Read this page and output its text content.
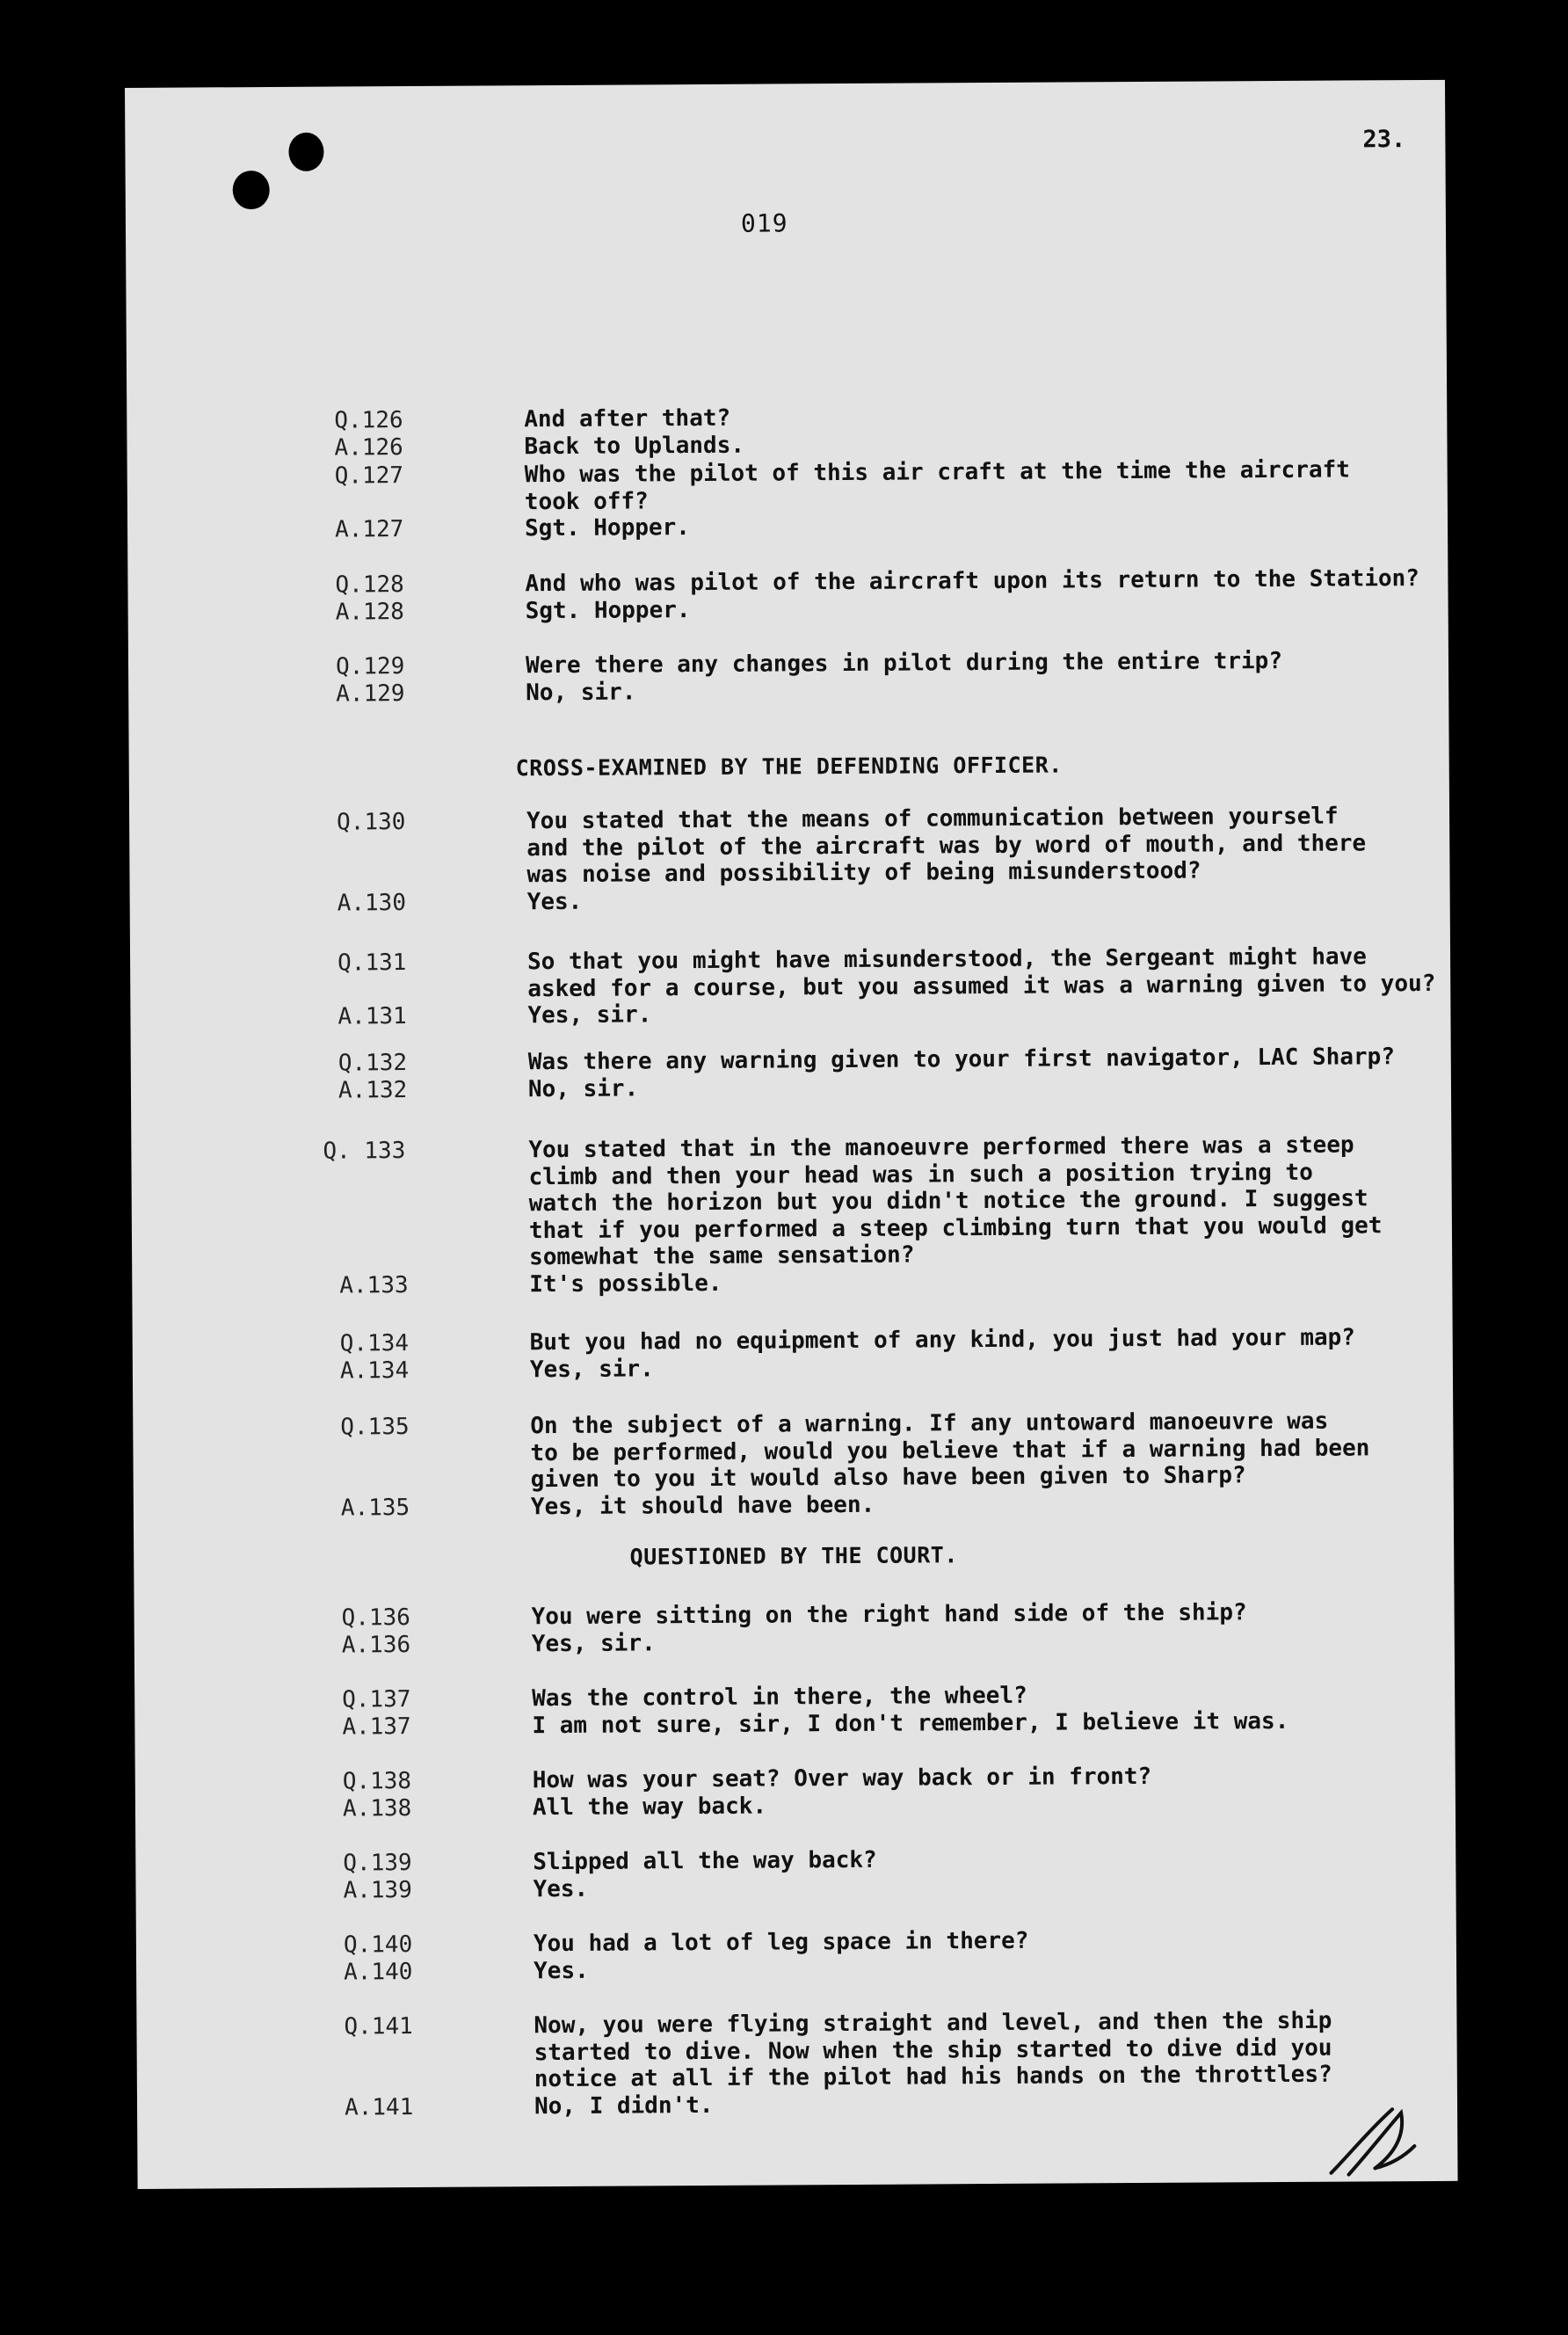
23.
019
Q.126	And after that?
A.126	Back to Uplands.
Q.127	Who was the pilot of this air craft at the time the aircraft
took off?
A.127	Sgt. Hopper.
Q.128	And who was pilot of the aircraft upon its return to the Station?
A.128	Sgt. Hopper.
Q.129	Were there any changes in pilot during the entire trip?
A.129	No, sir.
Q.130	You stated that the means of communication between yourself
and the pilot of the aircraft was by word of mouth, and there
was noise and possibility of being misunderstood?
A.130	Yes.
Q.131	So that you might have misunderstood, the Sergeant might have
asked for a course, but you assumed it was a warning given to you?
A.131	Yes, sir.
Q.132	Was there any warning given to your first navigator, LAC Sharp?
A.132	No, sir.
Q. 133	You stated that in the manoeuvre performed there was a steep
climb and then your head was in such a position trying to
watch the horizon but you didn't notice the ground. I suggest
that if you performed a steep climbing turn that you would get
somewhat the same sensation?
A.133	It's possible.
Q.134	But you had no equipment of any kind, you just had your map?
A.134	Yes, sir.
Q.135	On the subject of a warning. If any untoward manoeuvre was
to be performed, would you believe that if a warning had been
given to you it would also have been given to Sharp?
A.135	Yes, it should have been.
Q.136	You were sitting on the right hand side of the ship?
A.136	Yes, sir.
Q.137	Was the control in there, the wheel?
A.137	I am not sure, sir, I don't remember, I believe it was.
Q.138	How was your seat? Over way back or in front?
A.138	All the way back.
Q.139	Slipped all the way back?
A.139	Yes.
Q.140	You had a lot of leg space in there?
A.140	Yes.
Q.141	Now, you were flying straight and level, and then the ship
started to dive. Now when the ship started to dive did you
notice at all if the pilot had his hands on the throttles?
A.141	No, I didn't.
CROSS-EXAMINED BY THE DEFENDING OFFICER.
QUESTIONED BY THE COURT.
